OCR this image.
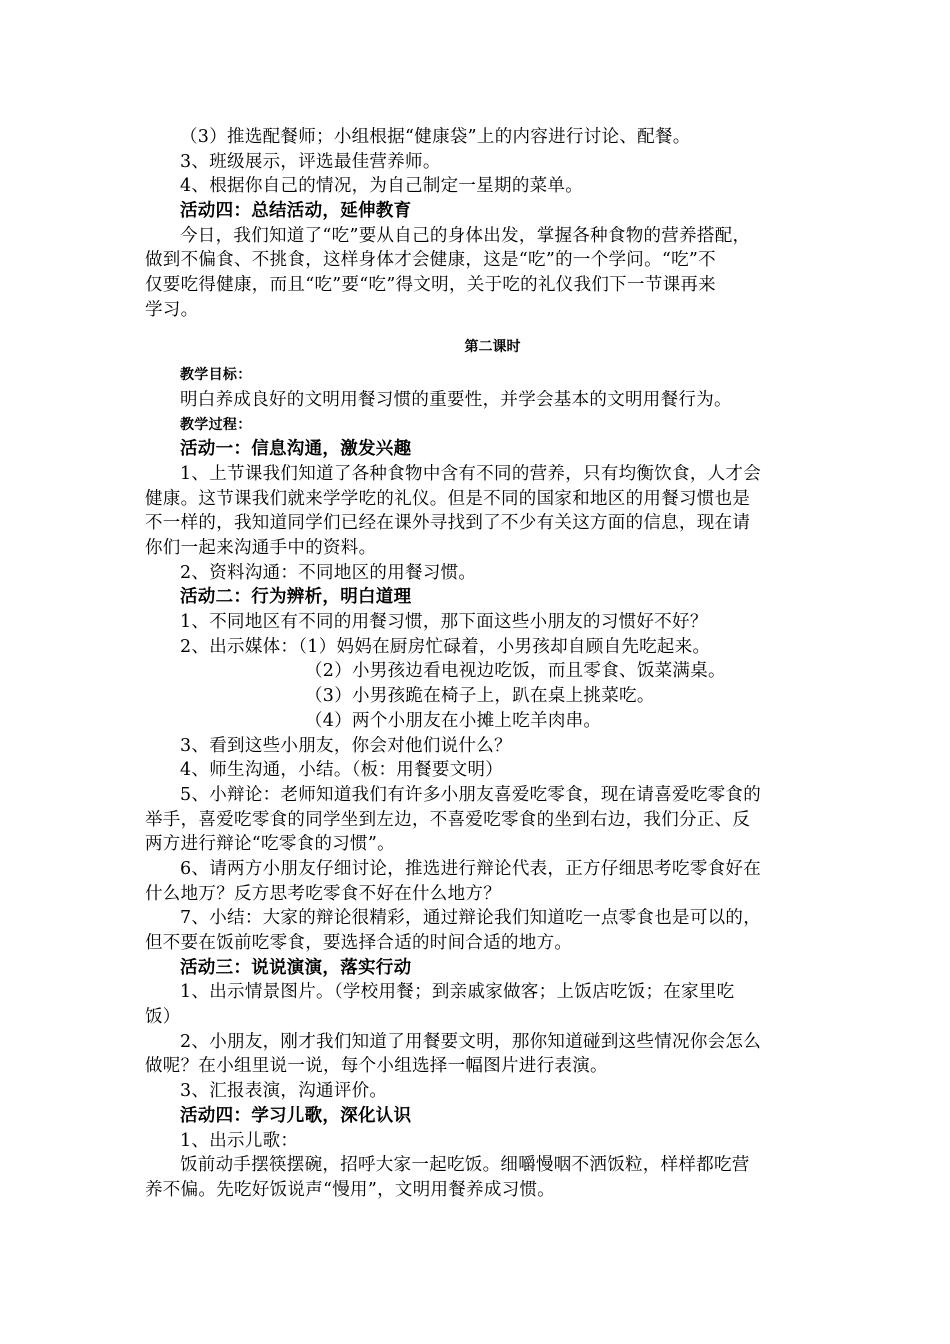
（3）推选配餐师；小组根据“健康袋”上的内容进行讨论、配餐。
3、班级展示，评选最佳营养师。
4、根据你自己的情况，为自己制定一星期的菜单。
活动四：总结活动，延伸教育
今日，我们知道了“吃”要从自己的身体出发，掌握各种食物的营养搭配，
做到不偏食、不挑食，这样身体才会健康，这是“吃”的一个学问。“吃”不
仅要吃得健康，而且“吃”要“吃”得文明，关于吃的礼仪我们下一节课再来
学习。
第二课时
教学目标：
明白养成良好的文明用餐习惯的重要性，并学会基本的文明用餐行为。
教学过程：
活动一：信息沟通，激发兴趣
1、上节课我们知道了各种食物中含有不同的营养，只有均衡饮食，人才会
健康。这节课我们就来学学吃的礼仪。但是不同的国家和地区的用餐习惯也是
不一样的，我知道同学们已经在课外寻找到了不少有关这方面的信息，现在请
你们一起来沟通手中的资料。
2、资料沟通：不同地区的用餐习惯。
活动二：行为辨析，明白道理
1、不同地区有不同的用餐习惯，那下面这些小朋友的习惯好不好？
2、出示媒体：（1）妈妈在厨房忙碌着，小男孩却自顾自先吃起来。
（2）小男孩边看电视边吃饭，而且零食、饭菜满桌。
（3）小男孩跪在椅子上，趴在桌上挑菜吃。
（4）两个小朋友在小摊上吃羊肉串。
3、看到这些小朋友，你会对他们说什么？
4、师生沟通，小结。（板：用餐要文明）
5、小辩论：老师知道我们有许多小朋友喜爱吃零食，现在请喜爱吃零食的
举手，喜爱吃零食的同学坐到左边，不喜爱吃零食的坐到右边，我们分正、反
两方进行辩论“吃零食的习惯”。
6、请两方小朋友仔细讨论，推选进行辩论代表，正方仔细思考吃零食好在
什么地万？反方思考吃零食不好在什么地方？
7、小结：大家的辩论很精彩，通过辩论我们知道吃一点零食也是可以的，
但不要在饭前吃零食，要选择合适的时间合适的地方。
活动三：说说演演，落实行动
1、出示情景图片。（学校用餐；到亲戚家做客；上饭店吃饭；在家里吃
饭）
2、小朋友，刚才我们知道了用餐要文明，那你知道碰到这些情况你会怎么
做呢？在小组里说一说，每个小组选择一幅图片进行表演。
3、汇报表演，沟通评价。
活动四：学习儿歌，深化认识
1、出示儿歌：
饭前动手摆筷摆碗，招呼大家一起吃饭。细嚼慢咽不洒饭粒，样样都吃营
养不偏。先吃好饭说声“慢用”，文明用餐养成习惯。
